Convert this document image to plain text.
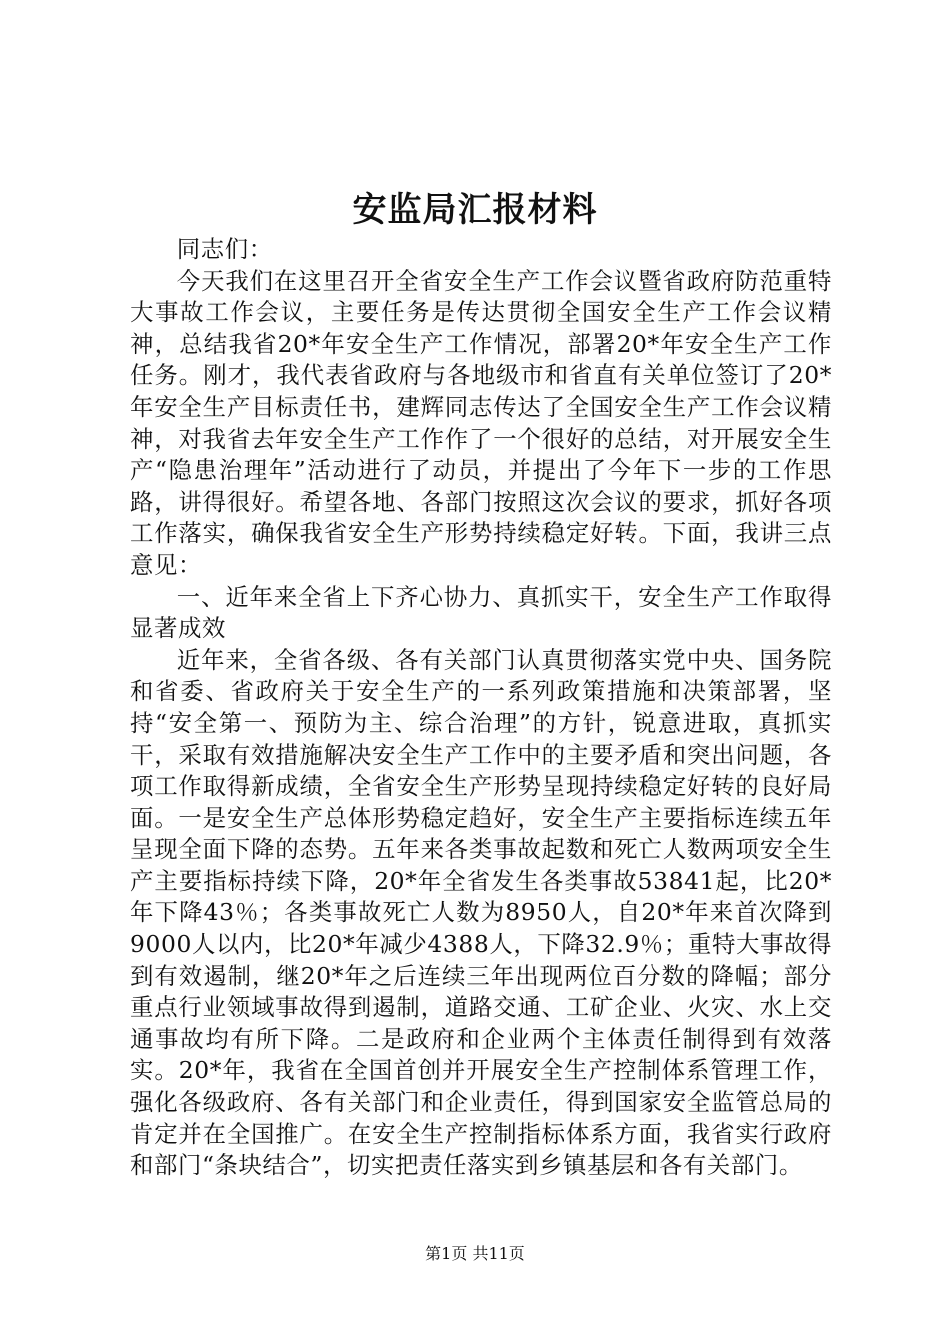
安监局汇报材料

同志们：

今天我们在这里召开全省安全生产工作会议暨省政府防范重特大事故工作会议，主要任务是传达贯彻全国安全生产工作会议精神，总结我省20*年安全生产工作情况，部署20*年安全生产工作任务。刚才，我代表省政府与各地级市和省直有关单位签订了20*年安全生产目标责任书，建辉同志传达了全国安全生产工作会议精神，对我省去年安全生产工作作了一个很好的总结，对开展安全生产“隐患治理年”活动进行了动员，并提出了今年下一步的工作思路，讲得很好。希望各地、各部门按照这次会议的要求，抓好各项工作落实，确保我省安全生产形势持续稳定好转。下面，我讲三点意见：

一、近年来全省上下齐心协力、真抓实干，安全生产工作取得显著成效

近年来，全省各级、各有关部门认真贯彻落实党中央、国务院和省委、省政府关于安全生产的一系列政策措施和决策部署，坚持“安全第一、预防为主、综合治理”的方针，锐意进取，真抓实干，采取有效措施解决安全生产工作中的主要矛盾和突出问题，各项工作取得新成绩，全省安全生产形势呈现持续稳定好转的良好局面。一是安全生产总体形势稳定趋好，安全生产主要指标连续五年呈现全面下降的态势。五年来各类事故起数和死亡人数两项安全生产主要指标持续下降，20*年全省发生各类事故53841起，比20*年下降43％；各类事故死亡人数为8950人，自20*年来首次降到9000人以内，比20*年减少4388人，下降32.9％；重特大事故得到有效遏制，继20*年之后连续三年出现两位百分数的降幅；部分重点行业领域事故得到遏制，道路交通、工矿企业、火灾、水上交通事故均有所下降。二是政府和企业两个主体责任制得到有效落实。20*年，我省在全国首创并开展安全生产控制体系管理工作，强化各级政府、各有关部门和企业责任，得到国家安全监管总局的肯定并在全国推广。在安全生产控制指标体系方面，我省实行政府和部门“条块结合”，切实把责任落实到乡镇基层和各有关部门。

第1页 共11页
